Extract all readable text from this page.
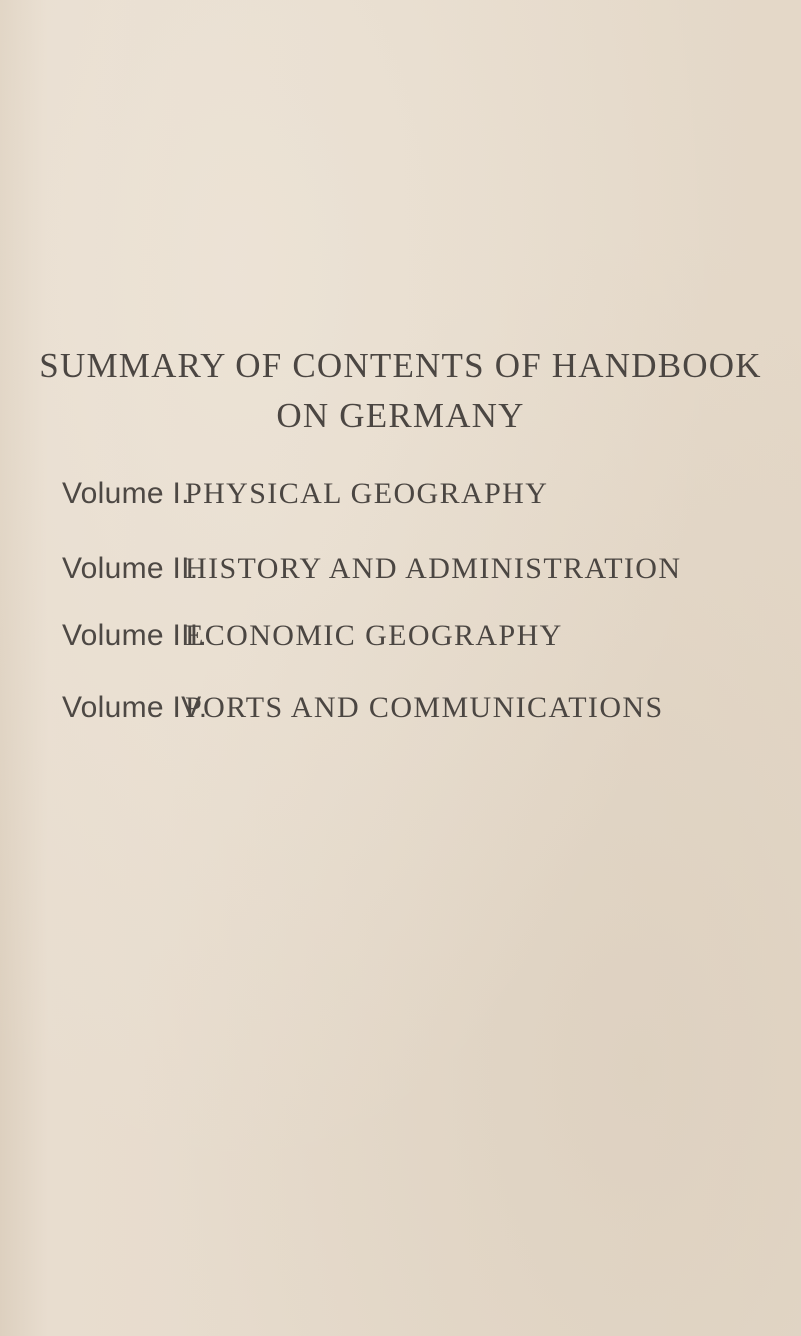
SUMMARY OF CONTENTS OF HANDBOOK
ON GERMANY
Volume I.
PHYSICAL GEOGRAPHY
Volume II.
HISTORY AND ADMINISTRATION
Volume III.
ECONOMIC GEOGRAPHY
Volume IV.
PORTS AND COMMUNICATIONS
